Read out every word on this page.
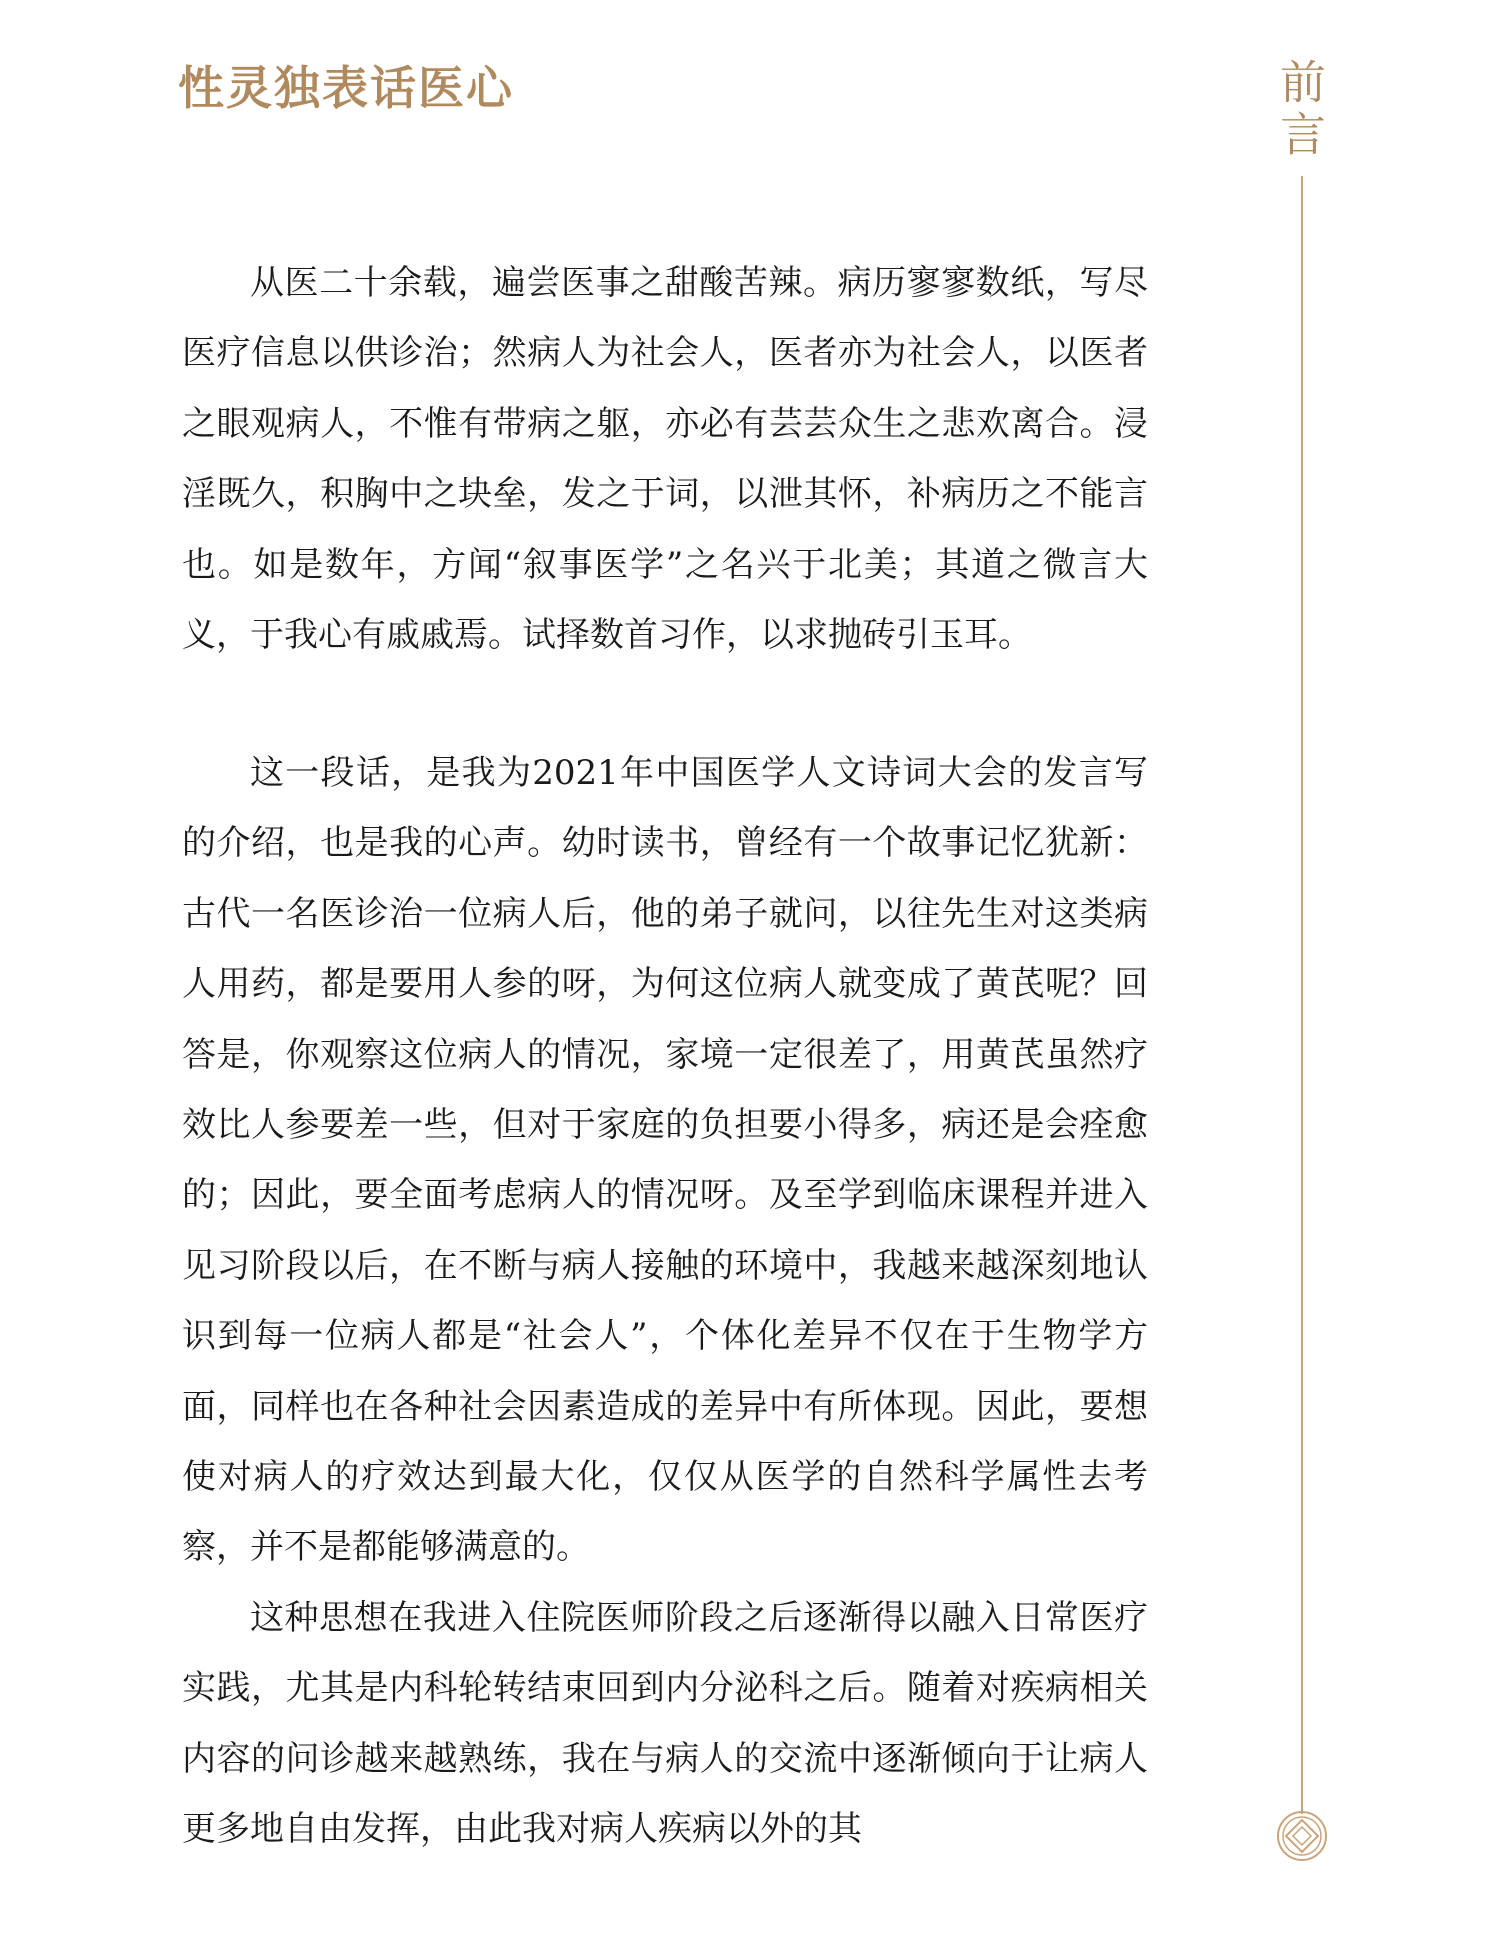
性灵独表话医心	前言

从医二十余载，遍尝医事之甜酸苦辣。病历寥寥数纸，写尽医疗信息以供诊治；然病人为社会人，医者亦为社会人，以医者之眼观病人，不惟有带病之躯，亦必有芸芸众生之悲欢离合。浸淫既久，积胸中之块垒，发之于词，以泄其怀，补病历之不能言也。如是数年，方闻“叙事医学”之名兴于北美；其道之微言大义，于我心有戚戚焉。试择数首习作，以求抛砖引玉耳。

这一段话，是我为2021年中国医学人文诗词大会的发言写的介绍，也是我的心声。幼时读书，曾经有一个故事记忆犹新：古代一名医诊治一位病人后，他的弟子就问，以往先生对这类病人用药，都是要用人参的呀，为何这位病人就变成了黄芪呢？回答是，你观察这位病人的情况，家境一定很差了，用黄芪虽然疗效比人参要差一些，但对于家庭的负担要小得多，病还是会痊愈的；因此，要全面考虑病人的情况呀。及至学到临床课程并进入见习阶段以后，在不断与病人接触的环境中，我越来越深刻地认识到每一位病人都是“社会人”，个体化差异不仅在于生物学方面，同样也在各种社会因素造成的差异中有所体现。因此，要想使对病人的疗效达到最大化，仅仅从医学的自然科学属性去考察，并不是都能够满意的。

这种思想在我进入住院医师阶段之后逐渐得以融入日常医疗实践，尤其是内科轮转结束回到内分泌科之后。随着对疾病相关内容的问诊越来越熟练，我在与病人的交流中逐渐倾向于让病人更多地自由发挥，由此我对病人疾病以外的其
